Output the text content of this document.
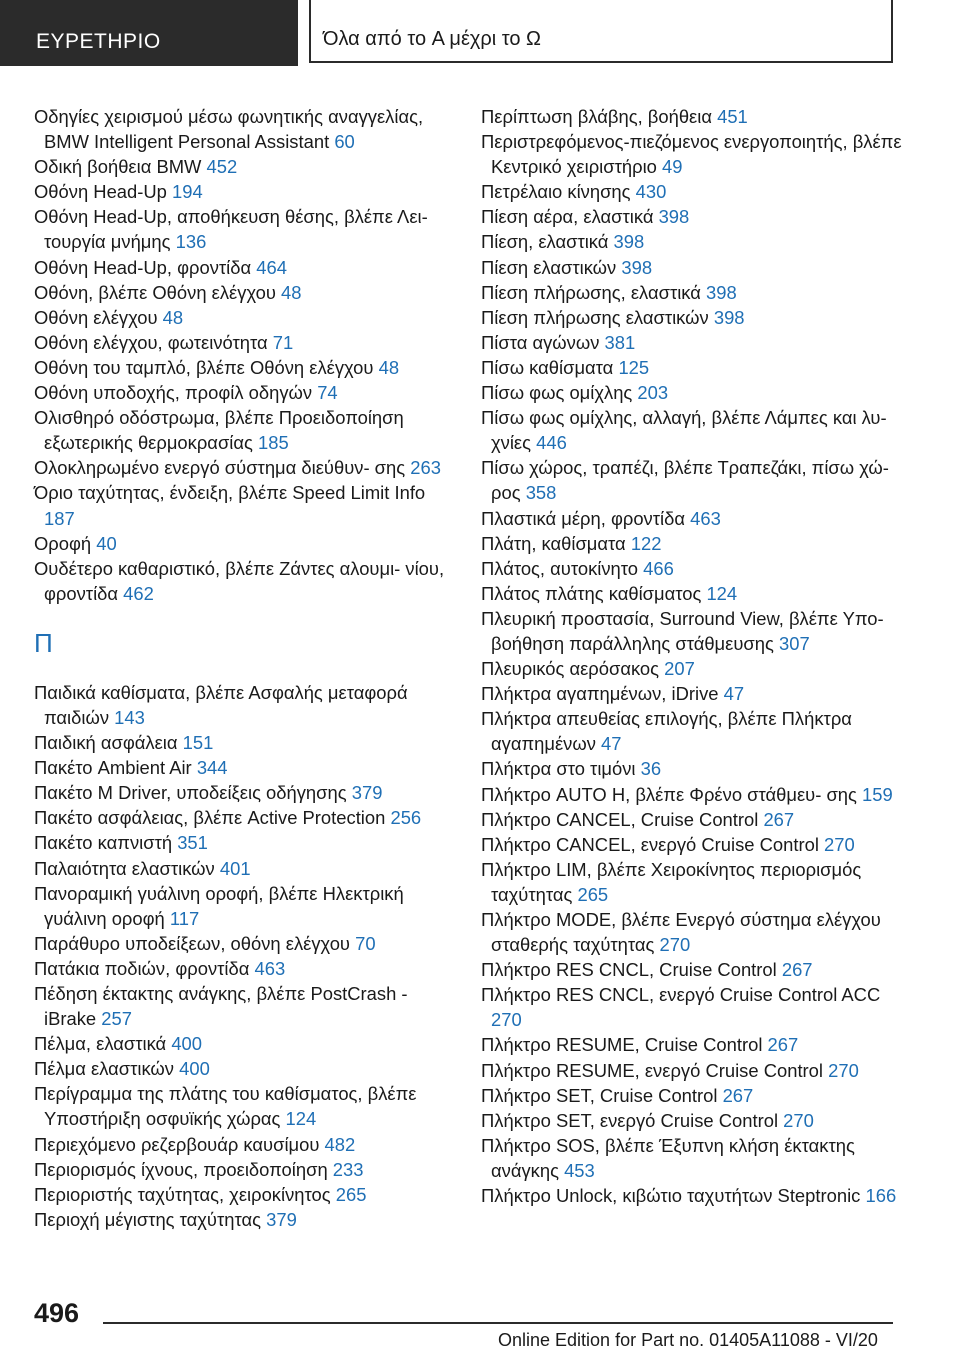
ΕΥΡΕΤΗΡΙΟ	Όλα από το A μέχρι το Ω
Οδηγίες χειρισμού μέσω φωνητικής αναγγελίας, BMW Intelligent Personal Assistant 60
Οδική βοήθεια BMW 452
Οθόνη Head-Up 194
Οθόνη Head-Up, αποθήκευση θέσης, βλέπε Λει- τουργία μνήμης 136
Οθόνη Head-Up, φροντίδα 464
Οθόνη, βλέπε Οθόνη ελέγχου 48
Οθόνη ελέγχου 48
Οθόνη ελέγχου, φωτεινότητα 71
Οθόνη του ταμπλό, βλέπε Οθόνη ελέγχου 48
Οθόνη υποδοχής, προφίλ οδηγών 74
Ολισθηρό οδόστρωμα, βλέπε Προειδοποίηση εξωτερικής θερμοκρασίας 185
Ολοκληρωμένο ενεργό σύστημα διεύθυν- σης 263
Όριο ταχύτητας, ένδειξη, βλέπε Speed Limit Info 187
Οροφή 40
Ουδέτερο καθαριστικό, βλέπε Ζάντες αλουμι- νίου, φροντίδα 462
Π
Παιδικά καθίσματα, βλέπε Ασφαλής μεταφορά παιδιών 143
Παιδική ασφάλεια 151
Πακέτο Ambient Air 344
Πακέτο M Driver, υποδείξεις οδήγησης 379
Πακέτο ασφάλειας, βλέπε Active Protection 256
Πακέτο καπνιστή 351
Παλαιότητα ελαστικών 401
Πανοραμική γυάλινη οροφή, βλέπε Ηλεκτρική γυάλινη οροφή 117
Παράθυρο υποδείξεων, οθόνη ελέγχου 70
Πατάκια ποδιών, φροντίδα 463
Πέδηση έκτακτης ανάγκης, βλέπε PostCrash - iBrake 257
Πέλμα, ελαστικά 400
Πέλμα ελαστικών 400
Περίγραμμα της πλάτης του καθίσματος, βλέπε Υποστήριξη οσφυϊκής χώρας 124
Περιεχόμενο ρεζερβουάρ καυσίμου 482
Περιορισμός ίχνους, προειδοποίηση 233
Περιοριστής ταχύτητας, χειροκίνητος 265
Περιοχή μέγιστης ταχύτητας 379
Περίπτωση βλάβης, βοήθεια 451
Περιστρεφόμενος-πιεζόμενος ενεργοποιητής, βλέπε Κεντρικό χειριστήριο 49
Πετρέλαιο κίνησης 430
Πίεση αέρα, ελαστικά 398
Πίεση, ελαστικά 398
Πίεση ελαστικών 398
Πίεση πλήρωσης, ελαστικά 398
Πίεση πλήρωσης ελαστικών 398
Πίστα αγώνων 381
Πίσω καθίσματα 125
Πίσω φως ομίχλης 203
Πίσω φως ομίχλης, αλλαγή, βλέπε Λάμπες και λυ- χνίες 446
Πίσω χώρος, τραπέζι, βλέπε Τραπεζάκι, πίσω χώ- ρος 358
Πλαστικά μέρη, φροντίδα 463
Πλάτη, καθίσματα 122
Πλάτος, αυτοκίνητο 466
Πλάτος πλάτης καθίσματος 124
Πλευρική προστασία, Surround View, βλέπε Υπο- βοήθηση παράλληλης στάθμευσης 307
Πλευρικός αερόσακος 207
Πλήκτρα αγαπημένων, iDrive 47
Πλήκτρα απευθείας επιλογής, βλέπε Πλήκτρα αγαπημένων 47
Πλήκτρα στο τιμόνι 36
Πλήκτρο AUTO H, βλέπε Φρένο στάθμευ- σης 159
Πλήκτρο CANCEL, Cruise Control 267
Πλήκτρο CANCEL, ενεργό Cruise Control 270
Πλήκτρο LIM, βλέπε Χειροκίνητος περιορισμός ταχύτητας 265
Πλήκτρο MODE, βλέπε Ενεργό σύστημα ελέγχου σταθερής ταχύτητας 270
Πλήκτρο RES CNCL, Cruise Control 267
Πλήκτρο RES CNCL, ενεργό Cruise Control ACC 270
Πλήκτρο RESUME, Cruise Control 267
Πλήκτρο RESUME, ενεργό Cruise Control 270
Πλήκτρο SET, Cruise Control 267
Πλήκτρο SET, ενεργό Cruise Control 270
Πλήκτρο SOS, βλέπε Έξυπνη κλήση έκτακτης ανάγκης 453
Πλήκτρο Unlock, κιβώτιο ταχυτήτων Steptronic 166
496
Online Edition for Part no. 01405A11088 - VI/20
